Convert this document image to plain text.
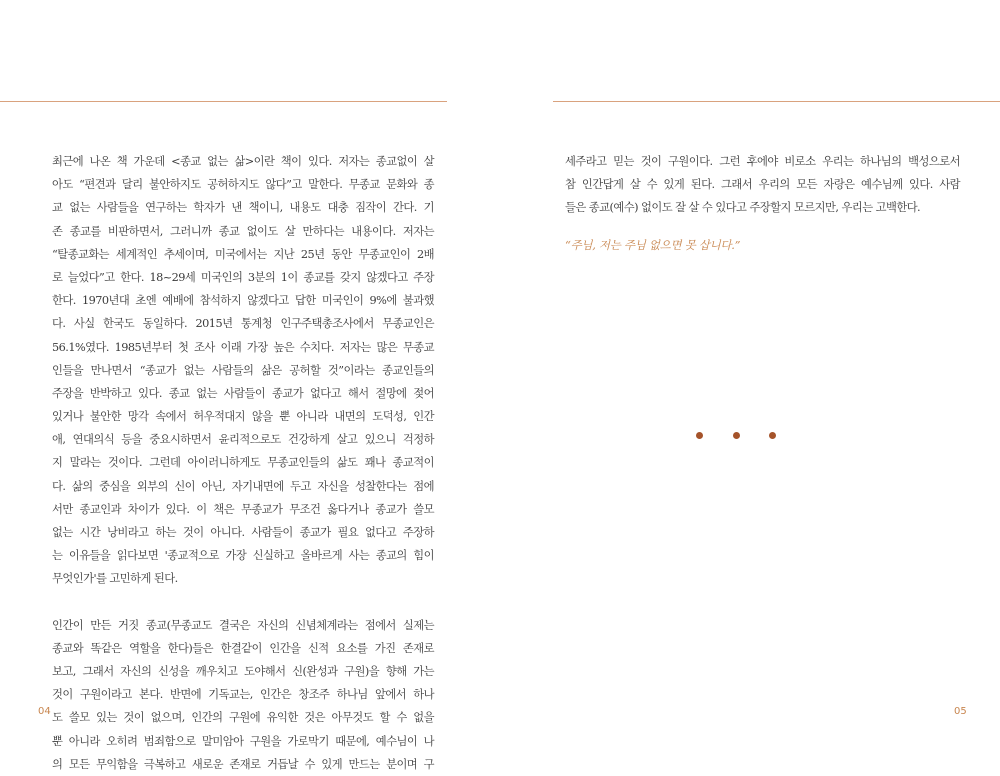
최근에 나온 책 가운데 <종교 없는 삶>이란 책이 있다. 저자는 종교없이 살
아도 “편견과 달리 불안하지도 공허하지도 않다”고 말한다. 무종교 문화와 종
교 없는 사람들을 연구하는 학자가 낸 책이니, 내용도 대충 짐작이 간다. 기
존 종교를 비판하면서, 그러니까 종교 없이도 살 만하다는 내용이다. 저자는
“탈종교화는 세계적인 추세이며, 미국에서는 지난 25년 동안 무종교인이 2배
로 늘었다”고 한다. 18~29세 미국인의 3분의 1이 종교를 갖지 않겠다고 주장
한다. 1970년대 초엔 예배에 참석하지 않겠다고 답한 미국인이 9%에 불과했
다. 사실 한국도 동일하다. 2015년 통계청 인구주택총조사에서 무종교인은
56.1%였다. 1985년부터 첫 조사 이래 가장 높은 수치다. 저자는 많은 무종교
인들을 만나면서 “종교가 없는 사람들의 삶은 공허할 것”이라는 종교인들의
주장을 반박하고 있다. 종교 없는 사람들이 종교가 없다고 해서 절망에 젖어
있거나 불안한 망각 속에서 허우적대지 않을 뿐 아니라 내면의 도덕성, 인간
애, 연대의식 등을 중요시하면서 윤리적으로도 건강하게 살고 있으니 걱정하
지 말라는 것이다. 그런데 아이러니하게도 무종교인들의 삶도 꽤나 종교적이
다. 삶의 중심을 외부의 신이 아닌, 자기내면에 두고 자신을 성찰한다는 점에
서만 종교인과 차이가 있다. 이 책은 무종교가 무조건 옳다거나 종교가 쓸모
없는 시간 낭비라고 하는 것이 아니다. 사람들이 종교가 필요 없다고 주장하
는 이유들을 읽다보면 '종교적으로 가장 신실하고 올바르게 사는 종교의 힘이
무엇인가'를 고민하게 된다.
인간이 만든 거짓 종교(무종교도 결국은 자신의 신념체계라는 점에서 실제는
종교와 똑같은 역할을 한다)들은 한결같이 인간을 신적 요소를 가진 존재로
보고, 그래서 자신의 신성을 깨우치고 도야해서 신(완성과 구원)을 향해 가는
것이 구원이라고 본다. 반면에 기독교는, 인간은 창조주 하나님 앞에서 하나
도 쓸모 있는 것이 없으며, 인간의 구원에 유익한 것은 아무것도 할 수 없을
뿐 아니라 오히려 범죄함으로 말미암아 구원을 가로막기 때문에, 예수님이 나
의 모든 무익함을 극복하고 새로운 존재로 거듭날 수 있게 만드는 분이며 구
세주라고 믿는 것이 구원이다. 그런 후에야 비로소 우리는 하나님의 백성으로서
참 인간답게 살 수 있게 된다. 그래서 우리의 모든 자랑은 예수님께 있다. 사람
들은 종교(예수) 없이도 잘 살 수 있다고 주장할지 모르지만, 우리는 고백한다.
“주님, 저는 주님 없으면 못 삽니다.”
04	05
